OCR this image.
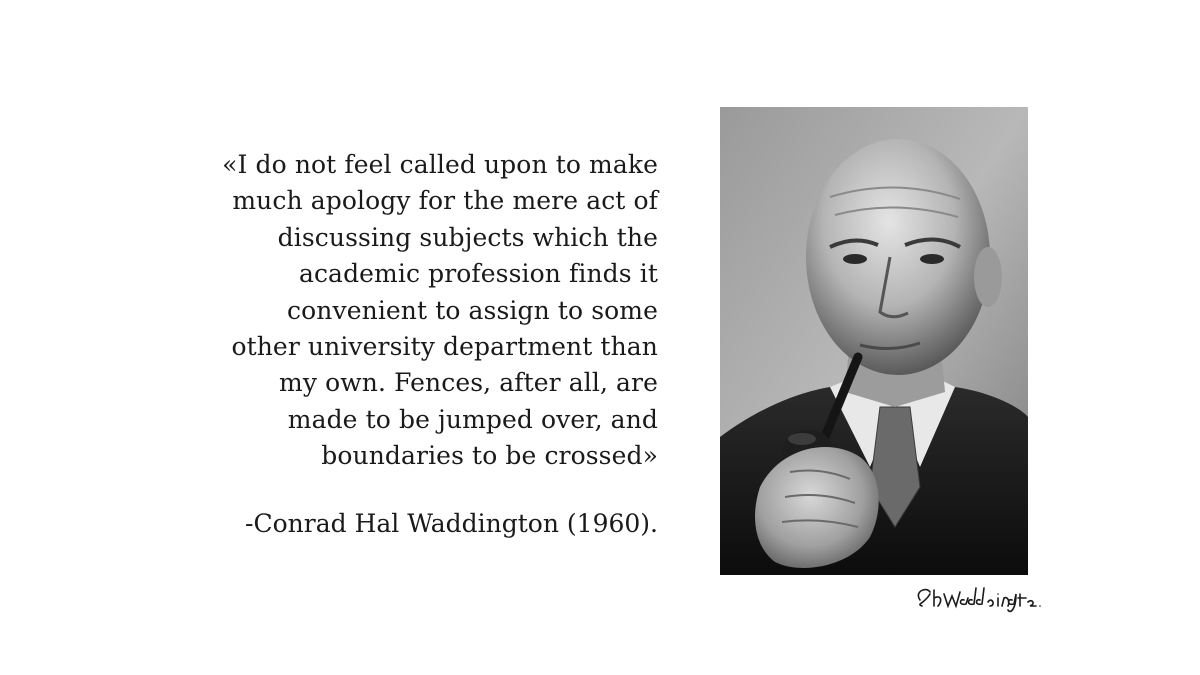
«I do not feel called upon to make
much apology for the mere act of
discussing subjects which the
academic profession finds it
convenient to assign to some
other university department than
my own. Fences, after all, are
made to be jumped over, and
boundaries to be crossed»
-Conrad Hal Waddington (1960).
